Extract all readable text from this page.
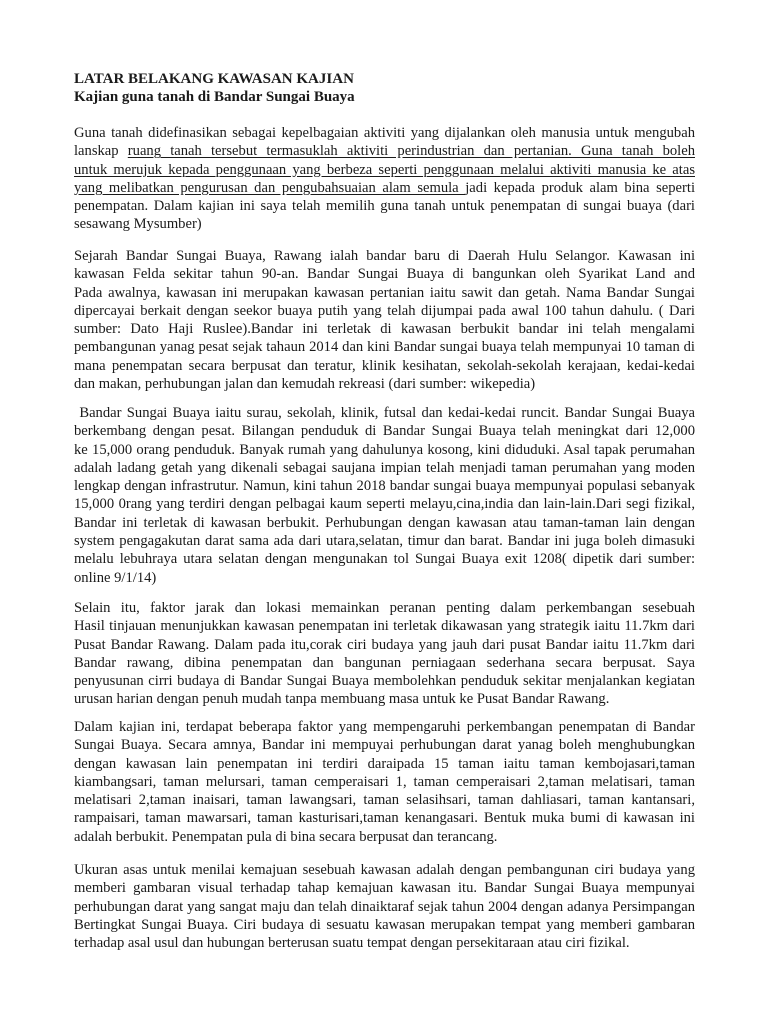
LATAR BELAKANG KAWASAN KAJIAN
Kajian guna tanah di Bandar Sungai Buaya
Guna tanah didefinasikan sebagai kepelbagaian aktiviti yang dijalankan oleh manusia untuk mengubah
lanskap ruang tanah tersebut termasuklah aktiviti perindustrian dan pertanian. Guna tanah boleh
untuk merujuk kepada penggunaan yang berbeza seperti penggunaan melalui aktiviti manusia ke atas
yang melibatkan pengurusan dan pengubahsuaian alam semula jadi kepada produk alam bina seperti
penempatan. Dalam kajian ini saya telah memilih guna tanah untuk penempatan di sungai buaya (dari
sesawang Mysumber)
Sejarah Bandar Sungai Buaya, Rawang ialah bandar baru di Daerah Hulu Selangor. Kawasan ini
kawasan Felda sekitar tahun 90-an. Bandar Sungai Buaya di bangunkan oleh Syarikat Land and
Pada awalnya, kawasan ini merupakan kawasan pertanian iaitu sawit dan getah. Nama Bandar Sungai
dipercayai berkait dengan seekor buaya putih yang telah dijumpai pada awal 100 tahun dahulu. ( Dari
sumber: Dato Haji Ruslee).Bandar ini terletak di kawasan berbukit bandar ini telah mengalami
pembangunan yanag pesat sejak tahaun 2014 dan kini Bandar sungai buaya telah mempunyai 10 taman di
mana penempatan secara berpusat dan teratur, klinik kesihatan, sekolah-sekolah kerajaan, kedai-kedai
dan makan, perhubungan jalan dan kemudah rekreasi (dari sumber: wikepedia)
Bandar Sungai Buaya iaitu surau, sekolah, klinik, futsal dan kedai-kedai runcit. Bandar Sungai Buaya
berkembang dengan pesat. Bilangan penduduk di Bandar Sungai Buaya telah meningkat dari 12,000
ke 15,000 orang penduduk. Banyak rumah yang dahulunya kosong, kini diduduki. Asal tapak perumahan
adalah ladang getah yang dikenali sebagai saujana impian telah menjadi taman perumahan yang moden
lengkap dengan infrastrutur. Namun, kini tahun 2018 bandar sungai buaya mempunyai populasi sebanyak
15,000 0rang yang terdiri dengan pelbagai kaum seperti melayu,cina,india dan lain-lain.Dari segi fizikal,
Bandar ini terletak di kawasan berbukit. Perhubungan dengan kawasan atau taman-taman lain dengan
system pengagakutan darat sama ada dari utara,selatan, timur dan barat. Bandar ini juga boleh dimasuki
melalu lebuhraya utara selatan dengan mengunakan tol Sungai Buaya exit 1208( dipetik dari sumber:
online 9/1/14)
Selain itu, faktor jarak dan lokasi memainkan peranan penting dalam perkembangan sesebuah
Hasil tinjauan menunjukkan kawasan penempatan ini terletak dikawasan yang strategik iaitu 11.7km dari
Pusat Bandar Rawang. Dalam pada itu,corak ciri budaya yang jauh dari pusat Bandar iaitu 11.7km dari
Bandar rawang, dibina penempatan dan bangunan perniagaan sederhana secara berpusat. Saya
penyusunan cirri budaya di Bandar Sungai Buaya membolehkan penduduk sekitar menjalankan kegiatan
urusan harian dengan penuh mudah tanpa membuang masa untuk ke Pusat Bandar Rawang.
Dalam kajian ini, terdapat beberapa faktor yang mempengaruhi perkembangan penempatan di Bandar
Sungai Buaya. Secara amnya, Bandar ini mempuyai perhubungan darat yanag boleh menghubungkan
dengan kawasan lain penempatan ini terdiri daraipada 15 taman iaitu taman kembojasari,taman
kiambangsari, taman melursari, taman cemperaisari 1, taman cemperaisari 2,taman melatisari, taman
melatisari 2,taman inaisari, taman lawangsari, taman selasihsari, taman dahliasari, taman kantansari,
rampaisari, taman mawarsari, taman kasturisari,taman kenangasari. Bentuk muka bumi di kawasan ini
adalah berbukit. Penempatan pula di bina secara berpusat dan terancang.
Ukuran asas untuk menilai kemajuan sesebuah kawasan adalah dengan pembangunan ciri budaya yang
memberi gambaran visual terhadap tahap kemajuan kawasan itu. Bandar Sungai Buaya mempunyai
perhubungan darat yang sangat maju dan telah dinaiktaraf sejak tahun 2004 dengan adanya Persimpangan
Bertingkat Sungai Buaya. Ciri budaya di sesuatu kawasan merupakan tempat yang memberi gambaran
terhadap asal usul dan hubungan berterusan suatu tempat dengan persekitaraan atau ciri fizikal.
